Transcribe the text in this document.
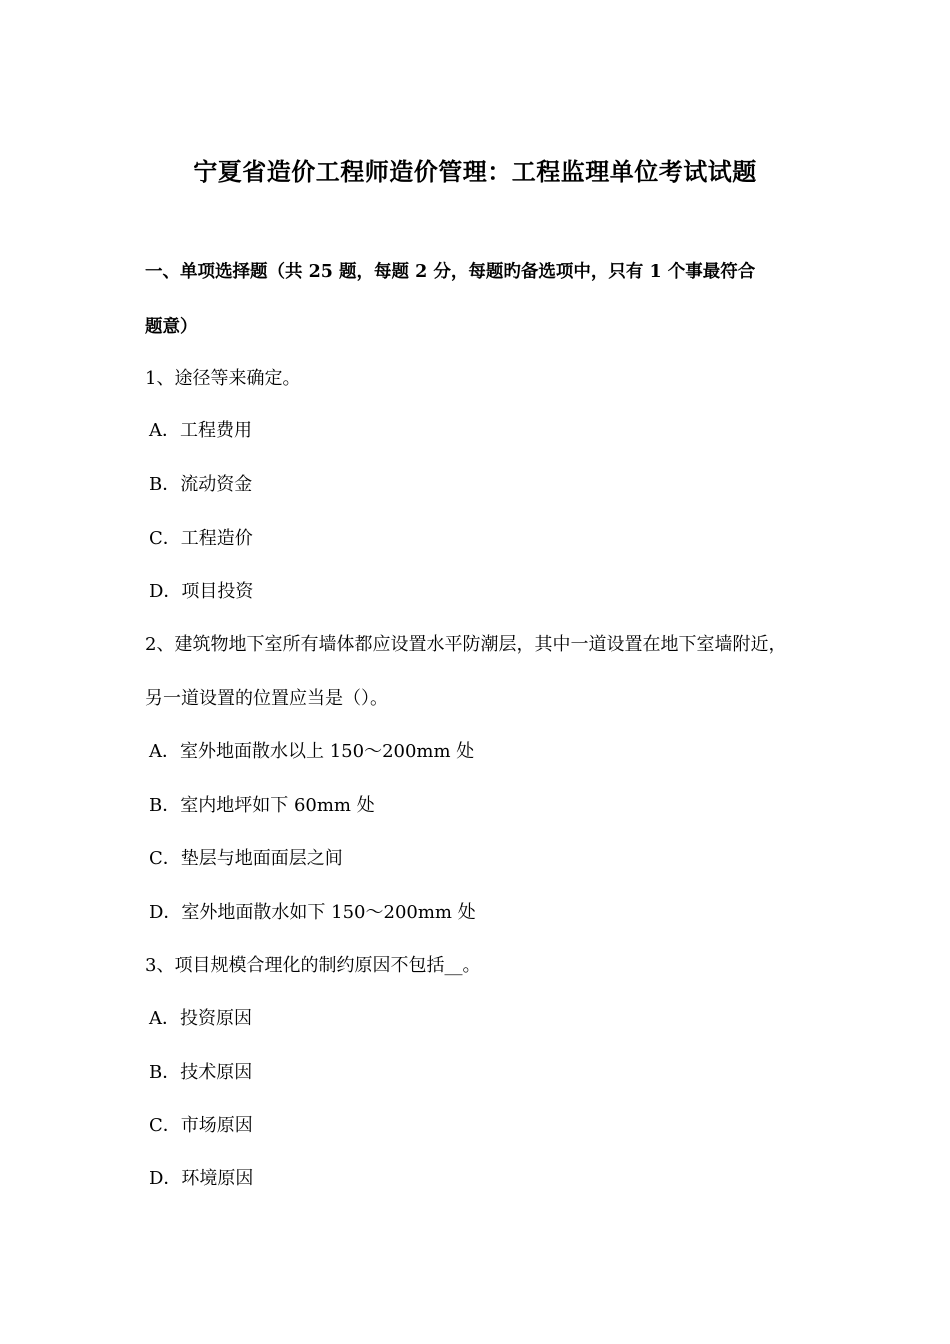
宁夏省造价工程师造价管理：工程监理单位考试试题
一、单项选择题（共 25 题，每题 2 分，每题旳备选项中，只有 1 个事最符合
题意）
1、途径等来确定。
A．工程费用
B．流动资金
C．工程造价
D．项目投资
2、建筑物地下室所有墙体都应设置水平防潮层，其中一道设置在地下室墙附近，
另一道设置的位置应当是（）。
A．室外地面散水以上 150～200mm 处
B．室内地坪如下 60mm 处
C．垫层与地面面层之间
D．室外地面散水如下 150～200mm 处
3、项目规模合理化的制约原因不包括__。
A．投资原因
B．技术原因
C．市场原因
D．环境原因
